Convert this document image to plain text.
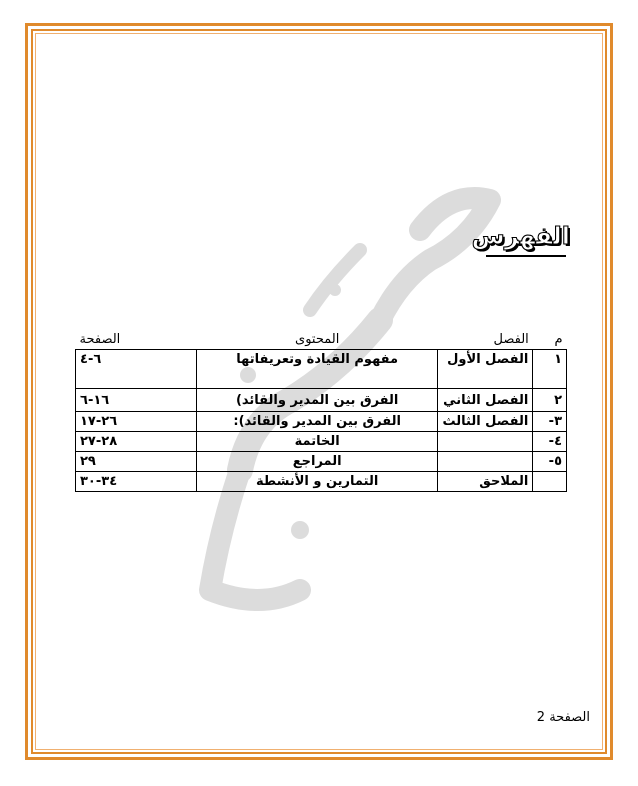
الفهرس
م	الفصل	المحتوى	الصفحة
١	الفصل الأول	مفهوم القيادة وتعريفاتها	٦-٤
٢	الفصل الثاني	الفرق بين المدير والقائد)	١٦-٦
٣-	الفصل الثالث	الفرق بين المدير والقائد):	٢٦-١٧
٤-		الخاتمة	٢٨-٢٧
٥-		المراجع	٢٩
	الملاحق	التمارين و الأنشطة	٣٤-٣٠
الصفحة 2
